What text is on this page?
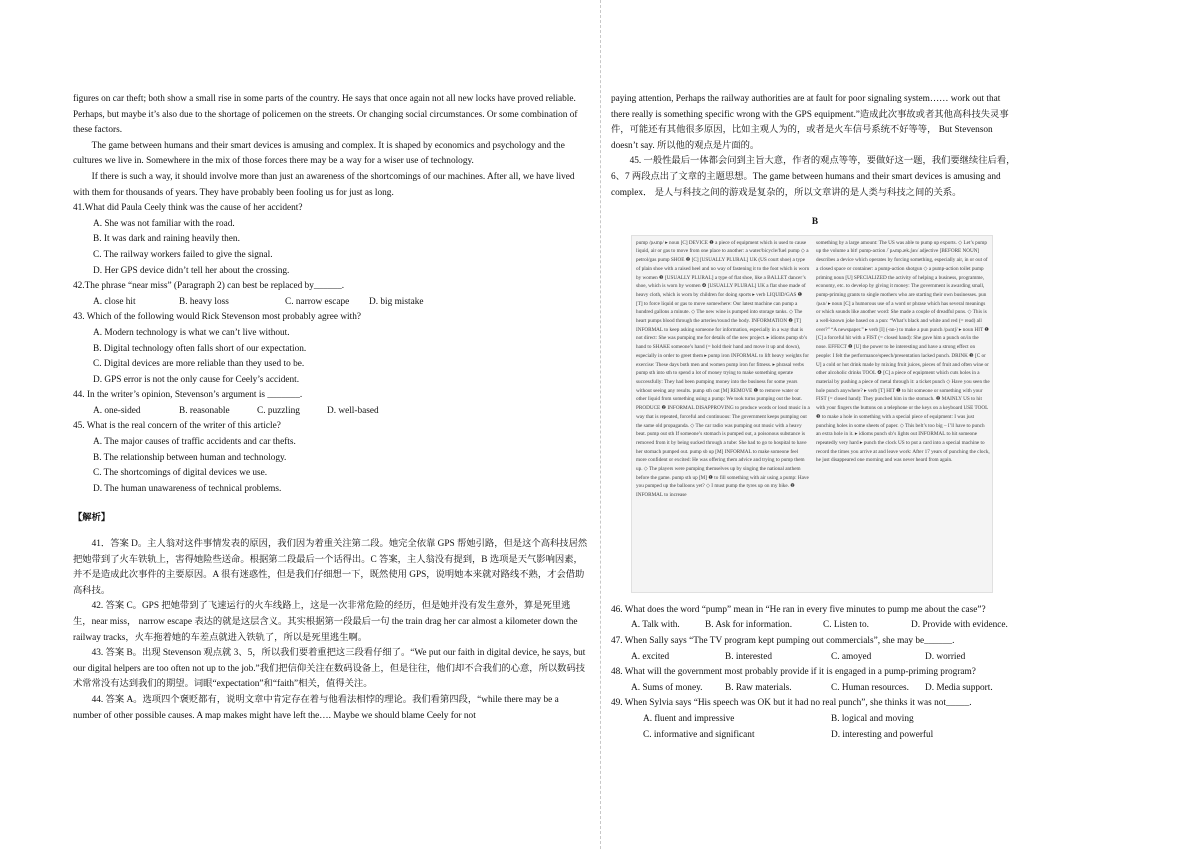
figures on car theft; both show a small rise in some parts of the country. He says that once again not all new locks have proved reliable. Perhaps, but maybe it’s also due to the shortage of policemen on the streets. Or changing social circumstances. Or some combination of these factors.

The game between humans and their smart devices is amusing and complex. It is shaped by economics and psychology and the cultures we live in. Somewhere in the mix of those forces there may be a way for a wiser use of technology.

If there is such a way, it should involve more than just an awareness of the shortcomings of our machines. After all, we have lived with them for thousands of years. They have probably been fooling us for just as long.

41.What did Paula Ceely think was the cause of her accident?

A. She was not familiar with the road.

B. It was dark and raining heavily then.

C. The railway workers failed to give the signal.

D. Her GPS device didn’t tell her about the crossing.

42.The phrase “near miss” (Paragraph 2) can best be replaced by______.

A. close hit	B. heavy loss	C. narrow escape	D. big mistake

43. Which of the following would Rick Stevenson most probably agree with?

A. Modern technology is what we can’t live without.

B. Digital technology often falls short of our expectation.

C. Digital devices are more reliable than they used to be.

D. GPS error is not the only cause for Ceely’s accident.

44. In the writer’s opinion, Stevenson’s argument is _______.

A. one-sided	B. reasonable	C. puzzling	D. well-based

45. What is the real concern of the writer of this article?

A. The major causes of traffic accidents and car thefts.

B. The relationship between human and technology.

C. The shortcomings of digital devices we use.

D. The human unawareness of technical problems.

【解析】

41．答案 D。主人翁对这件事情发表的原因，我们因为着重关注第二段。她完全依靠 GPS 帮她引路，但是这个高科技居然把她带到了火车铁轨上，害得她险些送命。根据第二段最后一个话得出。C 答案，主人翁没有提到，B 选项是天气影响因素，并不是造成此次事件的主要原因。A 很有迷惑性，但是我们仔细想一下，既然使用 GPS，说明她本来就对路线不熟，才会借助高科技。

42. 答案 C。GPS 把她带到了飞速运行的火车线路上，这是一次非常危险的经历，但是她并没有发生意外，算是死里逃生，near miss， narrow escape 表达的就是这层含义。其实根据第一段最后一句 the train drag her car almost a kilometer down the railway tracks，火车拖着她的车差点就进入铁轨了，所以是死里逃生啊。

43. 答案 B。出现 Stevenson 观点就 3、5，所以我们要着重把这三段看仔细了。“We put our faith in digital device, he says, but our digital helpers are too often not up to the job.”我们把信仰关注在数码设备上，但是往往，他们却不合我们的心意，所以数码技术常常没有达到我们的期望。词眼“expectation”和“faith”相关，值得关注。

44. 答案 A。选项四个褒贬都有，说明文章中肯定存在着与他看法相悖的理论。我们看第四段，“while there may be a number of other possible causes. A map makes might have left the…. Maybe we should blame Ceely for not

paying attention, Perhaps the railway authorities are at fault for poor signaling system…… work out that there really is something specific wrong with the GPS equipment.”造成此次事故或者其他高科技失灵事件，可能还有其他很多原因，比如主观人为的，或者是火车信号系统不好等等， But Stevenson doesn’t say. 所以他的观点是片面的。

45. 一般性最后一体都会问到主旨大意，作者的观点等等，要做好这一题，我们要继续往后看，6、7 两段点出了文章的主题思想。The game between humans and their smart devices is amusing and complex． 是人与科技之间的游戏是复杂的，所以文章讲的是人类与科技之间的关系。

B

pump /pʌmp/ ▸ noun [C] DEVICE ❶ a piece of equipment which is used to cause liquid, air or gas to move from one place to another: a water/bicycle/fuel pump ◇ a petrol/gas pump SHOE ❷ [C] [USUALLY PLURAL] UK (US court shoe) a type of plain shoe with a raised heel and no way of fastening it to the foot which is worn by women ❸ [USUALLY PLURAL] a type of flat shoe, like a BALLET dancer’s shoe, which is worn by women ❹ [USUALLY PLURAL] UK a flat shoe made of heavy cloth, which is worn by children for doing sports ▸ verb LIQUID/GAS ❶ [T] to force liquid or gas to move somewhere: Our latest machine can pump a hundred gallons a minute. ◇ The new wine is pumped into storage tanks. ◇ The heart pumps blood through the arteries/round the body. INFORMATION ❷ [T] INFORMAL to keep asking someone for information, especially in a way that is not direct: She was pumping me for details of the new project. ▸ idioms pump sb’s hand to SHAKE someone’s hand (= hold their hand and move it up and down), especially in order to greet them ▸ pump iron INFORMAL to lift heavy weights for exercise: These days both men and women pump iron for fitness. ▸ phrasal verbs pump sth into sth to spend a lot of money trying to make something operate successfully: They had been pumping money into the business for some years without seeing any results. pump sth out [M] REMOVE ❶ to remove water or other liquid from something using a pump: We took turns pumping out the boat. PRODUCE ❷ INFORMAL DISAPPROVING to produce words or loud music in a way that is repeated, forceful and continuous: The government keeps pumping out the same old propaganda. ◇ The car radio was pumping out music with a heavy beat. pump out sth If someone’s stomach is pumped out, a poisonous substance is removed from it by being sucked through a tube: She had to go to hospital to have her stomach pumped out. pump sb up [M] INFORMAL to make someone feel more confident or excited: He was offering them advice and trying to pump them up. ◇ The players were pumping themselves up by singing the national anthem before the game. pump sth up [M] ❶ to fill something with air using a pump: Have you pumped up the balloons yet? ◇ I must pump the tyres up on my bike. ❷ INFORMAL to increase
something by a large amount: The US was able to pump up exports. ◇ Let’s pump up the volume a bit! pump-action /ˈpʌmp.æk.ʃən/ adjective [BEFORE NOUN] describes a device which operates by forcing something, especially air, in or out of a closed space or container: a pump-action shotgun ◇ a pump-action toilet pump priming noun [U] SPECIALIZED the activity of helping a business, programme, economy, etc. to develop by giving it money: The government is awarding small, pump-priming grants to single mothers who are starting their own businesses. pun /pʌn/ ▸ noun [C] a humorous use of a word or phrase which has several meanings or which sounds like another word: She made a couple of dreadful puns. ◇ This is a well-known joke based on a pun: “What’s black and white and red (= read) all over?” “A newspaper.” ▸ verb [I] (-nn-) to make a pun punch /pʌntʃ/ ▸ noun HIT ❶ [C] a forceful hit with a FIST (= closed hand): She gave him a punch on/in the nose. EFFECT ❷ [U] the power to be interesting and have a strong effect on people: I felt the performance/speech/presentation lacked punch. DRINK ❸ [C or U] a cold or hot drink made by mixing fruit juices, pieces of fruit and often wine or other alcoholic drinks TOOL ❹ [C] a piece of equipment which cuts holes in a material by pushing a piece of metal through it: a ticket punch ◇ Have you seen the hole punch anywhere? ▸ verb [T] HIT ❶ to hit someone or something with your FIST (= closed hand): They punched him in the stomach. ❷ MAINLY US to hit with your fingers the buttons on a telephone or the keys on a keyboard USE TOOL ❸ to make a hole in something with a special piece of equipment: I was just punching holes in some sheets of paper. ◇ This belt’s too big – I’ll have to punch an extra hole in it. ▸ idioms punch sb’s lights out INFORMAL to hit someone repeatedly very hard ▸ punch the clock US to put a card into a special machine to record the times you arrive at and leave work: After 17 years of punching the clock, he just disappeared one morning and was never heard from again.

46. What does the word “pump” mean in “He ran in every five minutes to pump me about the case”?

A. Talk with.	B. Ask for information.	C. Listen to.	D. Provide with evidence.

47. When Sally says “The TV program kept pumping out commercials”, she may be______.

A. excited	B. interested	C. amoyed	D. worried

48. What will the government most probably provide if it is engaged in a pump-priming program?

A. Sums of money.	B. Raw materials.	C. Human resources.	D. Media support.

49. When Sylvia says “His speech was OK but it had no real punch”, she thinks it was not_____.

A. fluent and impressive	B. logical and moving
C. informative and significant	D. interesting and powerful
